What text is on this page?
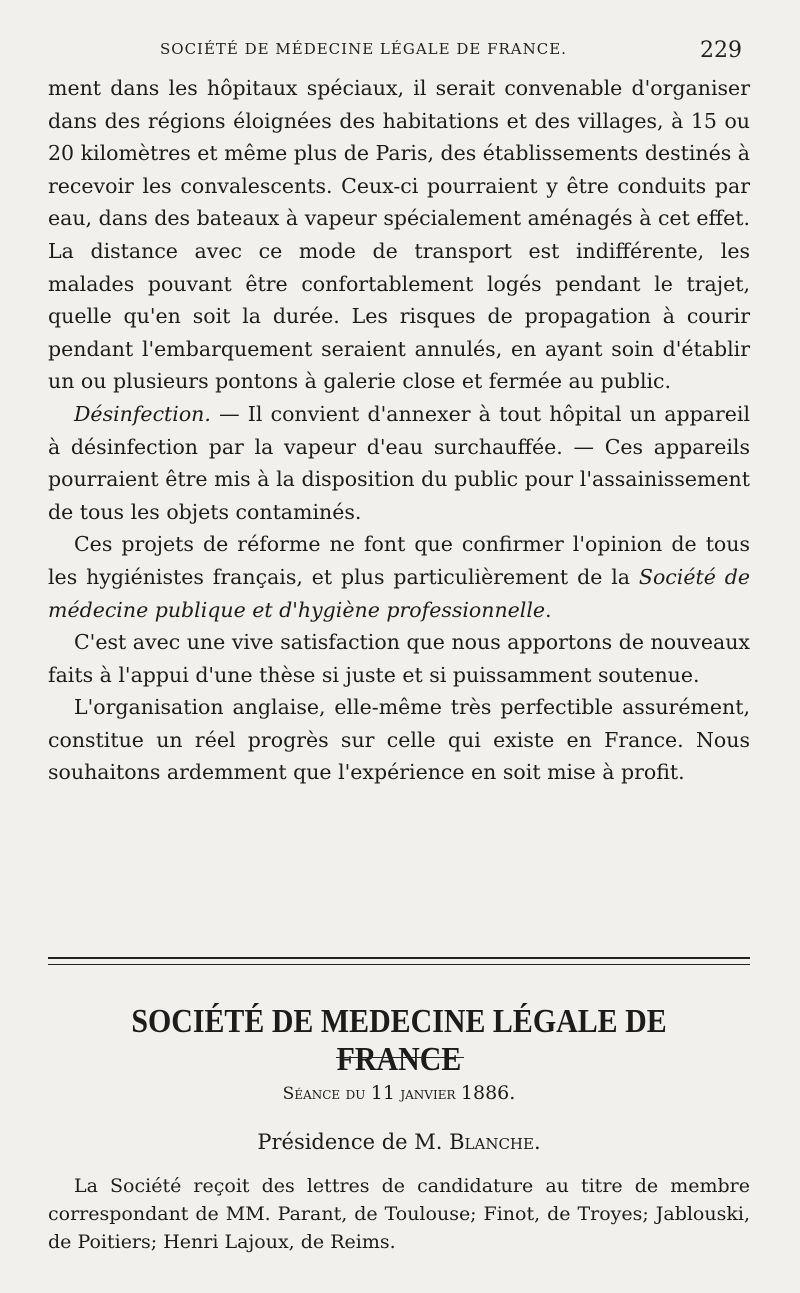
SOCIÉTÉ DE MÉDECINE LÉGALE DE FRANCE.	229

ment dans les hôpitaux spéciaux, il serait convenable d'organiser dans des régions éloignées des habitations et des villages, à 15 ou 20 kilomètres et même plus de Paris, des établissements destinés à recevoir les convalescents. Ceux-ci pourraient y être conduits par eau, dans des bateaux à vapeur spécialement aménagés à cet effet. La distance avec ce mode de transport est indifférente, les malades pouvant être confortablement logés pendant le trajet, quelle qu'en soit la durée. Les risques de propagation à courir pendant l'embarquement seraient annulés, en ayant soin d'établir un ou plusieurs pontons à galerie close et fermée au public.

Désinfection. — Il convient d'annexer à tout hôpital un appareil à désinfection par la vapeur d'eau surchauffée. — Ces appareils pourraient être mis à la disposition du public pour l'assainissement de tous les objets contaminés.

Ces projets de réforme ne font que confirmer l'opinion de tous les hygiénistes français, et plus particulièrement de la Société de médecine publique et d'hygiène professionnelle.

C'est avec une vive satisfaction que nous apportons de nouveaux faits à l'appui d'une thèse si juste et si puissamment soutenue.

L'organisation anglaise, elle-même très perfectible assurément, constitue un réel progrès sur celle qui existe en France. Nous souhaitons ardemment que l'expérience en soit mise à profit.

SOCIÉTÉ DE MEDECINE LÉGALE DE FRANCE
Séance du 11 janvier 1886.
Présidence de M. Blanche.

La Société reçoit des lettres de candidature au titre de membre correspondant de MM. Parant, de Toulouse; Finot, de Troyes; Jablouski, de Poitiers; Henri Lajoux, de Reims.
